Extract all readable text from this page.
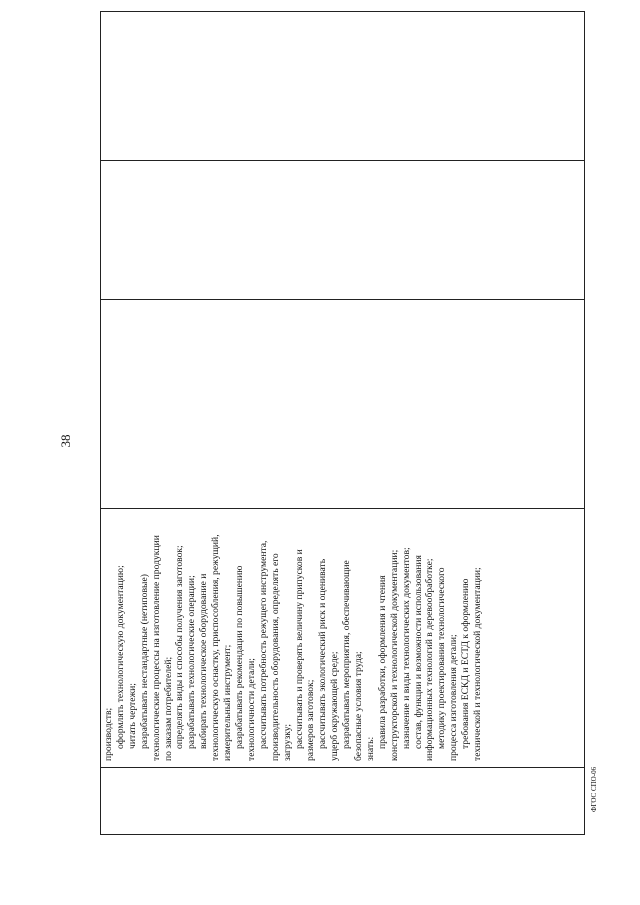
38

производств; оформлять технологическую документацию; читать чертежи; разрабатывать нестандартные (нетиповые) технологические процессы на изготовление продукции по заказам потребителей; определять виды и способы получения заготовок; разрабатывать технологические операции; выбирать технологическое оборудование и технологическую оснастку, приспособления, режущий, измерительный инструмент; разрабатывать рекомендации по повышению технологичности детали; рассчитывать потребность режущего инструмента, производительность оборудования, определять его загрузку; рассчитывать и проверять величину припусков и размеров заготовок; рассчитывать экологический риск и оценивать ущерб окружающей среде; разрабатывать мероприятия, обеспечивающие безопасные условия труда; знать: правила разработки, оформления и чтения конструкторской и технологической документации; назначение и виды технологических документов; состав, функции и возможности использования информационных технологий в деревообработке; методику проектирования технологического процесса изготовления детали; требования ЕСКД и ЕСТД к оформлению технической и технологической документации;

ФГОС СПО-06
